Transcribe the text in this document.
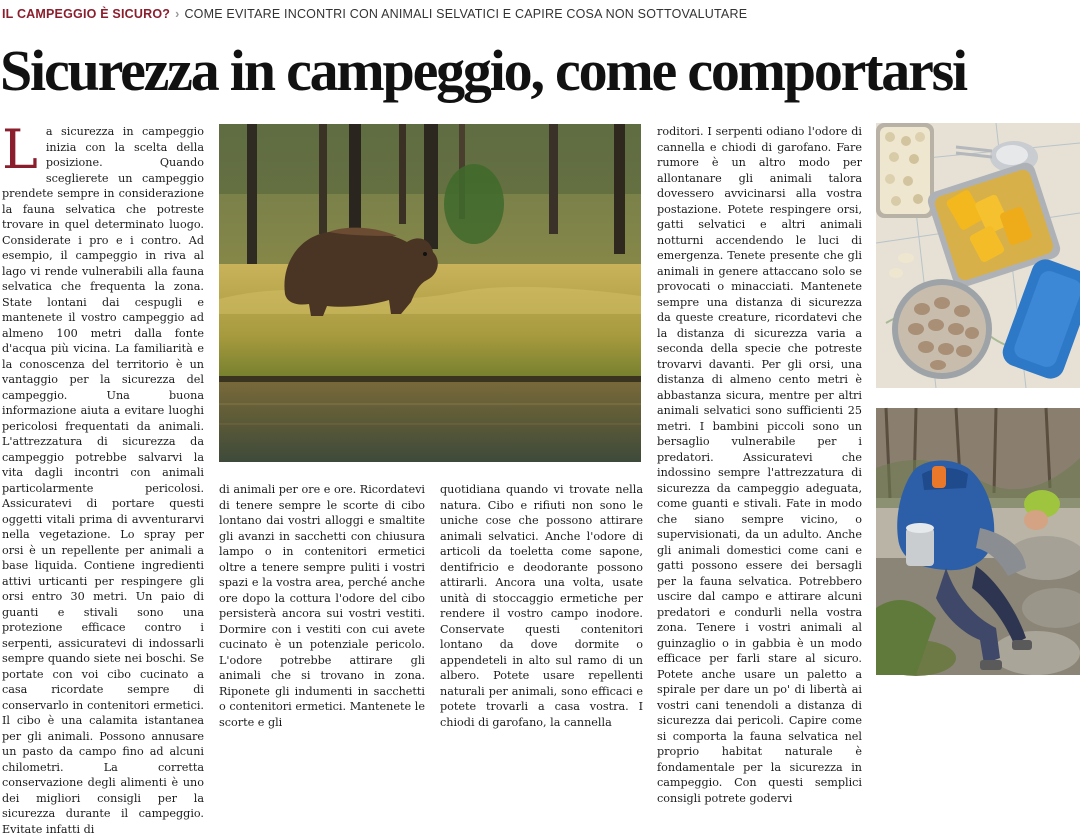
IL CAMPEGGIO È SICURO? › COME EVITARE INCONTRI CON ANIMALI SELVATICI E CAPIRE COSA NON SOTTOVALUTARE
Sicurezza in campeggio, come comportarsi
L a sicurezza in campeggio inizia con la scelta della posizione. Quando sceglierete un campeggio prendete sempre in considerazione la fauna selvatica che potreste trovare in quel determinato luogo. Considerate i pro e i contro. Ad esempio, il campeggio in riva al lago vi rende vulnerabili alla fauna selvatica che frequenta la zona. State lontani dai cespugli e mantenete il vostro campeggio ad almeno 100 metri dalla fonte d'acqua più vicina. La familiarità e la conoscenza del territorio è un vantaggio per la sicurezza del campeggio. Una buona informazione aiuta a evitare luoghi pericolosi frequentati da animali. L'attrezzatura di sicurezza da campeggio potrebbe salvarvi la vita dagli incontri con animali particolarmente pericolosi. Assicuratevi di portare questi oggetti vitali prima di avventurarvi nella vegetazione. Lo spray per orsi è un repellente per animali a base liquida. Contiene ingredienti attivi urticanti per respingere gli orsi entro 30 metri. Un paio di guanti e stivali sono una protezione efficace contro i serpenti, assicuratevi di indossarli sempre quando siete nei boschi. Se portate con voi cibo cucinato a casa ricordate sempre di conservarlo in contenitori ermetici. Il cibo è una calamita istantanea per gli animali. Possono annusare un pasto da campo fino ad alcuni chilometri. La corretta conservazione degli alimenti è uno dei migliori consigli per la sicurezza durante il campeggio. Evitate infatti di

di animali per ore e ore. Ricordatevi di tenere sempre le scorte di cibo lontano dai vostri alloggi e smaltite gli avanzi in sacchetti con chiusura lampo o in contenitori ermetici oltre a tenere sempre puliti i vostri spazi e la vostra area, perché anche ore dopo la cottura l'odore del cibo persisterà ancora sui vostri vestiti. Dormire con i vestiti con cui avete cucinato è un potenziale pericolo. L'odore potrebbe attirare gli animali che si trovano in zona. Riponete gli indumenti in sacchetti o contenitori ermetici. Mantenete le scorte e gli

quotidiana quando vi trovate nella natura. Cibo e rifiuti non sono le uniche cose che possono attirare animali selvatici. Anche l'odore di articoli da toeletta come sapone, dentifricio e deodorante possono attirarli. Ancora una volta, usate unità di stoccaggio ermetiche per rendere il vostro campo inodore. Conservate questi contenitori lontano da dove dormite o appendeteli in alto sul ramo di un albero. Potete usare repellenti naturali per animali, sono efficaci e potete trovarli a casa vostra. I chiodi di garofano, la cannella

roditori. I serpenti odiano l'odore di cannella e chiodi di garofano. Fare rumore è un altro modo per allontanare gli animali talora dovessero avvicinarsi alla vostra postazione. Potete respingere orsi, gatti selvatici e altri animali notturni accendendo le luci di emergenza. Tenete presente che gli animali in genere attaccano solo se provocati o minacciati. Mantenete sempre una distanza di sicurezza da queste creature, ricordatevi che la distanza di sicurezza varia a seconda della specie che potreste trovarvi davanti. Per gli orsi, una distanza di almeno cento metri è abbastanza sicura, mentre per altri animali selvatici sono sufficienti 25 metri. I bambini piccoli sono un bersaglio vulnerabile per i predatori. Assicuratevi che indossino sempre l'attrezzatura di sicurezza da campeggio adeguata, come guanti e stivali. Fate in modo che siano sempre vicino, o supervisionati, da un adulto. Anche gli animali domestici come cani e gatti possono essere dei bersagli per la fauna selvatica. Potrebbero uscire dal campo e attirare alcuni predatori e condurli nella vostra zona. Tenere i vostri animali al guinzaglio o in gabbia è un modo efficace per farli stare al sicuro. Potete anche usare un paletto a spirale per dare un po' di libertà ai vostri cani tenendoli a distanza di sicurezza dai pericoli. Capire come si comporta la fauna selvatica nel proprio habitat naturale è fondamentale per la sicurezza in campeggio. Con questi semplici consigli potrete godervi
